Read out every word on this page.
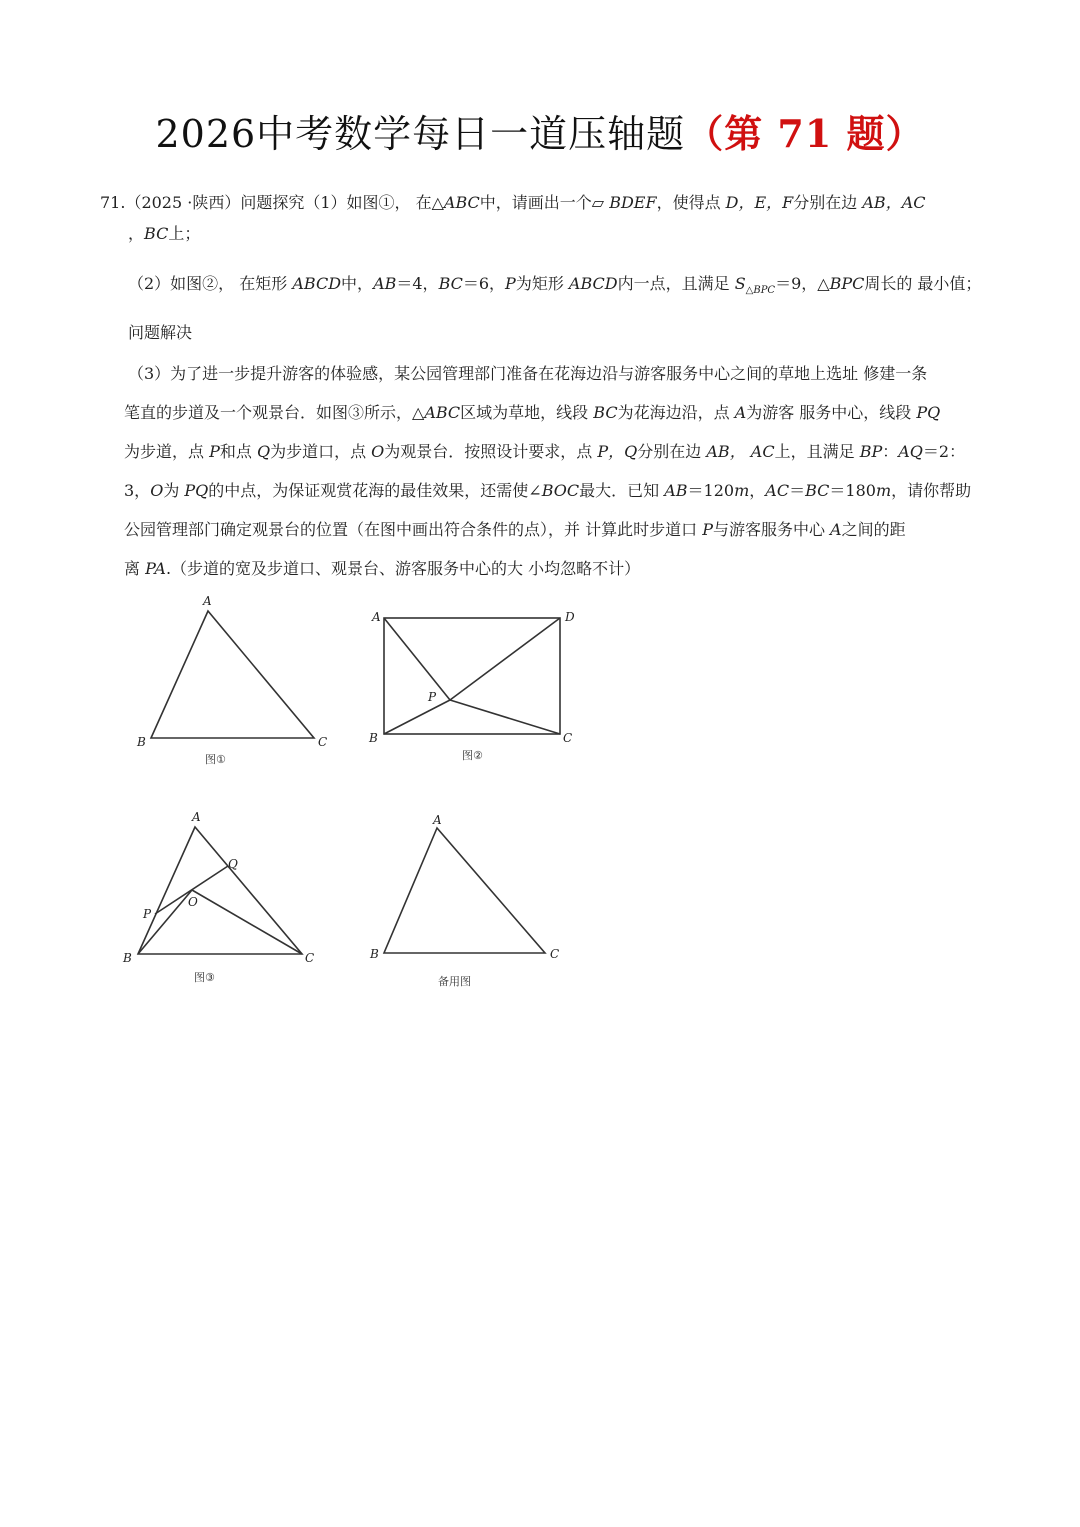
2026中考数学每日一道压轴题（第 71 题）
71.（2025 ·陕西）问题探究（1）如图①， 在△ABC中，请画出一个▱ BDEF，使得点 D，E，F分别在边 AB，AC
，BC上；
（2）如图②， 在矩形 ABCD中，AB＝4，BC＝6，P为矩形 ABCD内一点，且满足 $S_{\triangle BPC}=9$，△BPC周长的 最小值；
问题解决
（3）为了进一步提升游客的体验感，某公园管理部门准备在花海边沿与游客服务中心之间的草地上选址 修建一条
笔直的步道及一个观景台．如图③所示，△ABC区域为草地，线段 BC为花海边沿，点 A为游客 服务中心，线段 PQ
为步道，点 P和点 Q为步道口，点 O为观景台．按照设计要求，点 P，Q分别在边 AB， AC上，且满足 BP：AQ＝2：
3，O为 PQ的中点，为保证观赏花海的最佳效果，还需使∠BOC最大．已知 AB＝120m，AC＝BC＝180m，请你帮助
公园管理部门确定观景台的位置（在图中画出符合条件的点），并 计算此时步道口 P与游客服务中心 A之间的距
离 PA.（步道的宽及步道口、观景台、游客服务中心的大 小均忽略不计）
A
B	C
图①
A	D
B	C
P
图②
A
Q
O
P
B	C
图③
A
B	C
备用图
